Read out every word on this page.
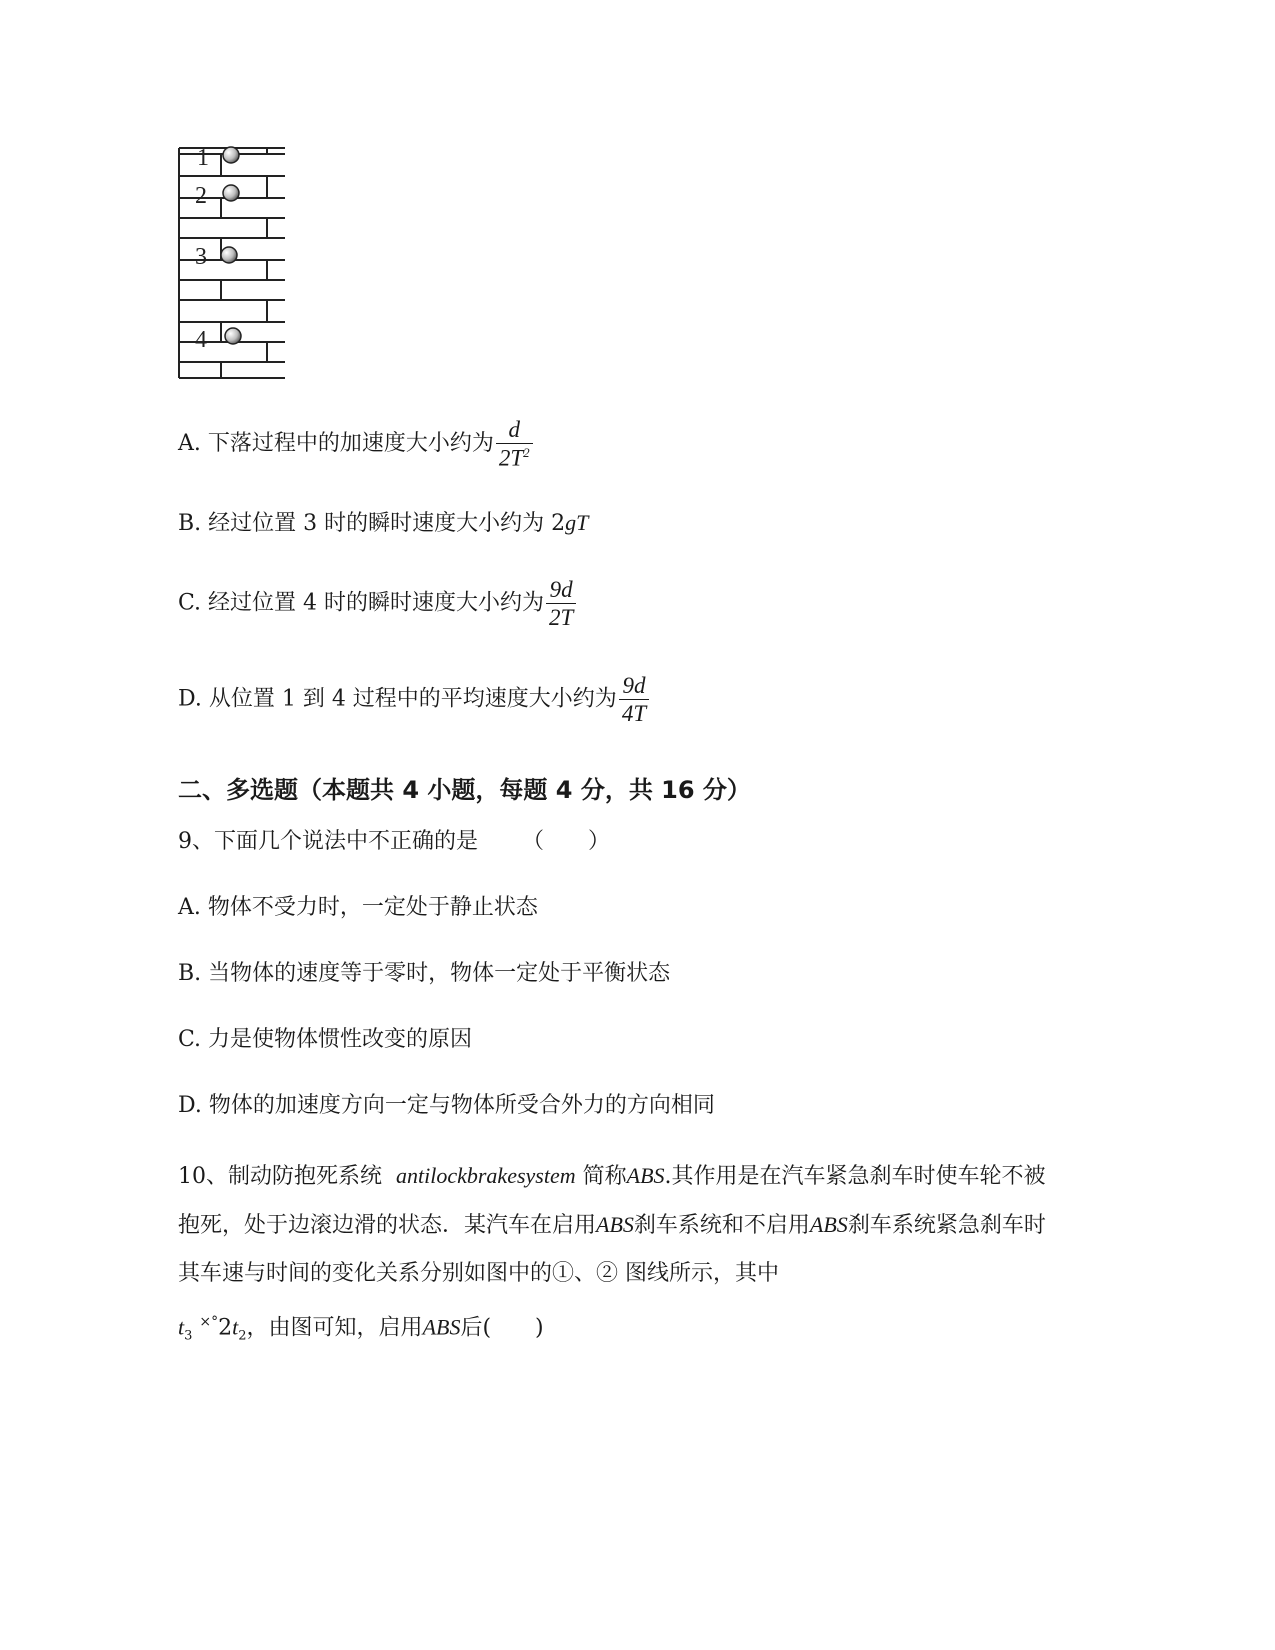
1
2
3
4
A. 下落过程中的加速度大小约为 $\frac{d}{2T^2}$
B. 经过位置 3 时的瞬时速度大小约为 2gT
C. 经过位置 4 时的瞬时速度大小约为 $\frac{9d}{2T}$
D. 从位置 1 到 4 过程中的平均速度大小约为 $\frac{9d}{4T}$
二、多选题（本题共 4 小题，每题 4 分，共 16 分）
9、下面几个说法中不正确的是 （　　）
A. 物体不受力时，一定处于静止状态
B. 当物体的速度等于零时，物体一定处于平衡状态
C. 力是使物体惯性改变的原因
D. 物体的加速度方向一定与物体所受合外力的方向相同
10、制动防抱死系统 antilockbrakesystem 简称ABS.其作用是在汽车紧急刹车时使车轮不被抱死，处于边滚边滑的状态．某汽车在启用ABS刹车系统和不启用ABS刹车系统紧急刹车时其车速与时间的变化关系分别如图中的①、② 图线所示，其中
$t_3$ $^{\times^\circ}2t_2$，由图可知，启用ABS后(　　)
